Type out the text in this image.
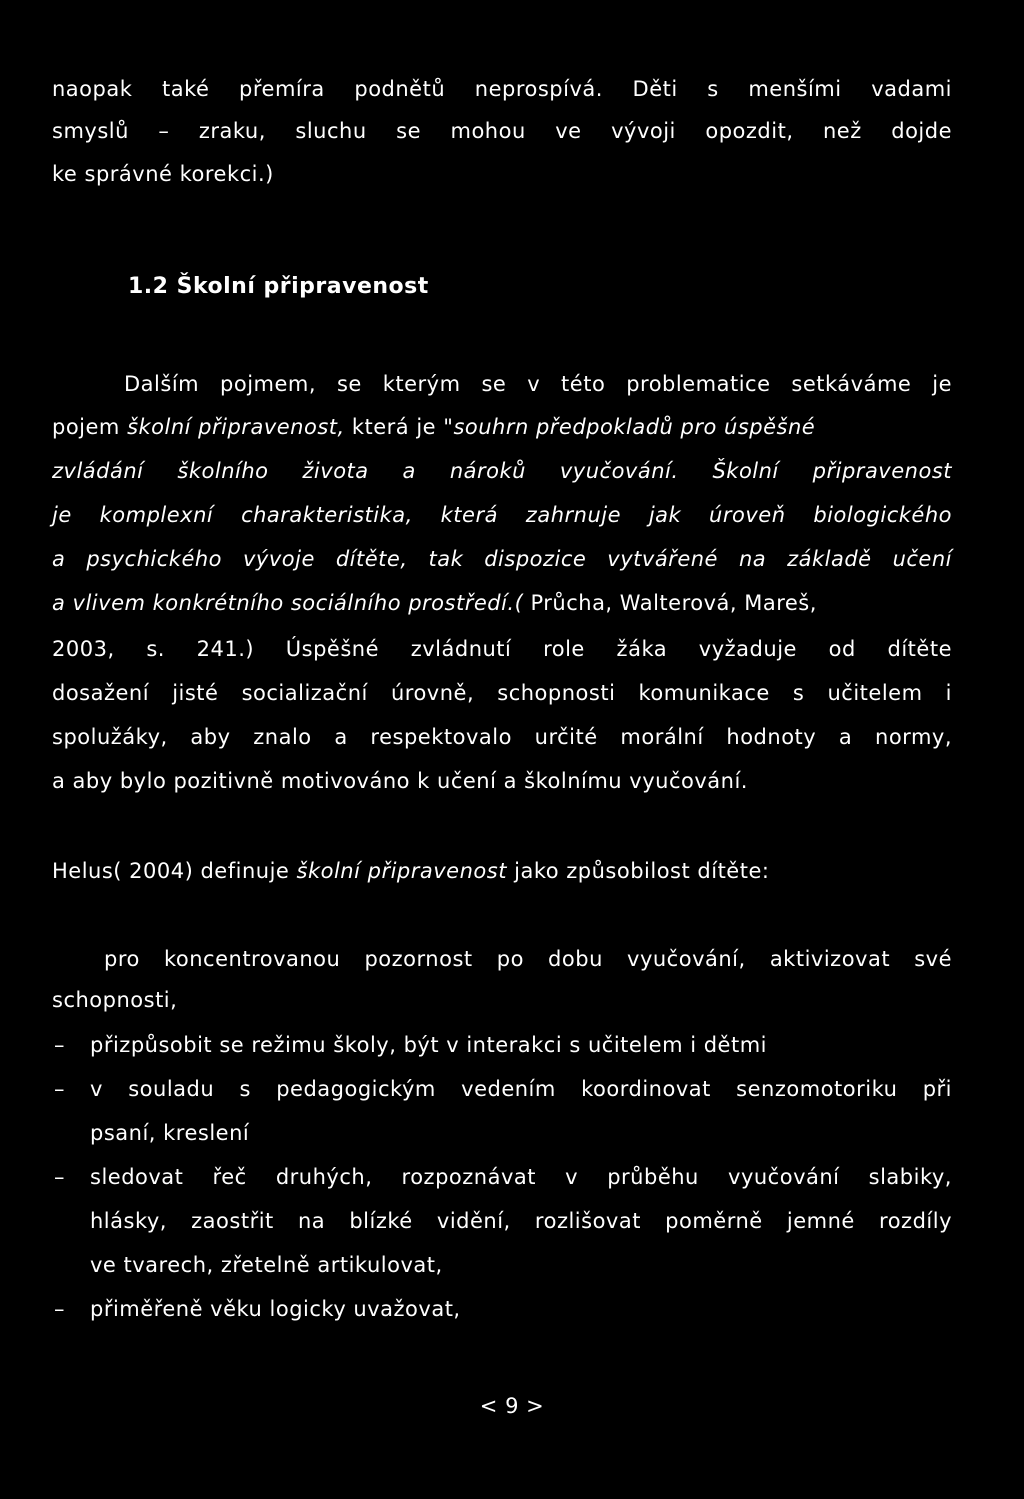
naopak také přemíra podnětů neprospívá. Děti s menšími vadami
smyslů – zraku, sluchu se mohou ve vývoji opozdit, než dojde
ke správné korekci.)
1.2 Školní připravenost
Dalším pojmem, se kterým se v této problematice setkáváme je
pojem školní připravenost, která je "souhrn předpokladů pro úspěšné
zvládání školního života a nároků vyučování. Školní připravenost
je komplexní charakteristika, která zahrnuje jak úroveň biologického
a psychického vývoje dítěte, tak dispozice vytvářené na základě učení
a vlivem konkrétního sociálního prostředí.( Průcha, Walterová, Mareš,
2003, s. 241.) Úspěšné zvládnutí role žáka vyžaduje od dítěte
dosažení jisté socializační úrovně, schopnosti komunikace s učitelem i
spolužáky, aby znalo a respektovalo určité morální hodnoty a normy,
a aby bylo pozitivně motivováno k učení a školnímu vyučování.
Helus( 2004) definuje školní připravenost jako způsobilost dítěte:
pro koncentrovanou pozornost po dobu vyučování, aktivizovat své
schopnosti,
– přizpůsobit se režimu školy, být v interakci s učitelem i dětmi
– v souladu s pedagogickým vedením koordinovat senzomotoriku při
psaní, kreslení
– sledovat řeč druhých, rozpoznávat v průběhu vyučování slabiky,
hlásky, zaostřit na blízké vidění, rozlišovat poměrně jemné rozdíly
ve tvarech, zřetelně artikulovat,
– přiměřeně věku logicky uvažovat,
< 9 >
